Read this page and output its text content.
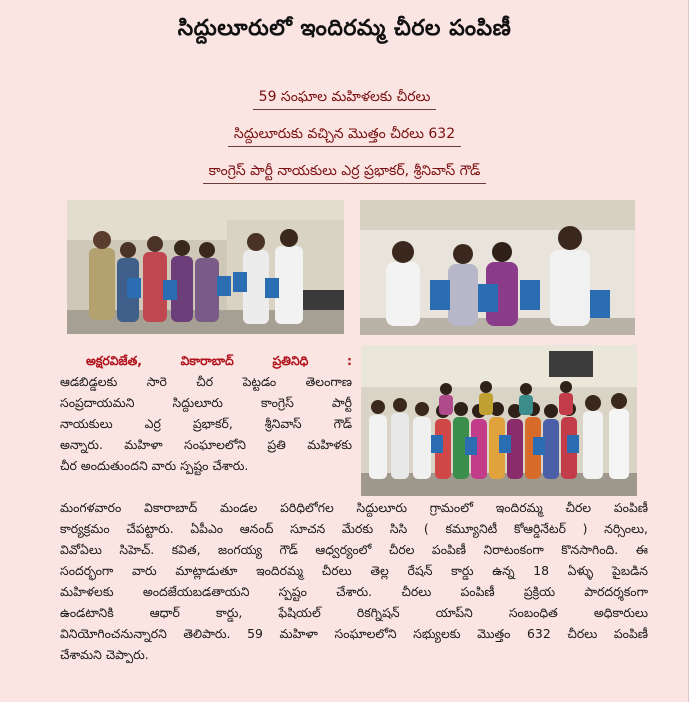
సిద్దులూరులో ఇందిరమ్మ చీరల పంపిణీ
59 సంఘాల మహిళలకు చీరలు
సిద్దులూరుకు వచ్చిన మొత్తం చీరలు 632
కాంగ్రెస్ పార్టీ నాయకులు ఎర్ర ప్రభాకర్, శ్రీనివాస్ గౌడ్
అక్షరవిజేత, వికారాబాద్ ప్రతినిధి :
ఆడబిడ్డలకు సారె చీర పెట్టడం తెలంగాణ
సంప్రదాయమని సిద్దులూరు కాంగ్రెస్ పార్టీ
నాయకులు ఎర్ర ప్రభాకర్, శ్రీనివాస్ గౌడ్
అన్నారు. మహిళా సంఘాలలోని ప్రతి మహిళకు
చీర అందుతుందని వారు స్పష్టం చేశారు.
మంగళవారం వికారాబాద్ మండల పరిధిలోగల సిద్దులూరు గ్రామంలో ఇందిరమ్మ చీరల పంపిణీ
కార్యక్రమం చేపట్టారు. ఏపీఎం ఆనంద్ సూచన మేరకు సిసి ( కమ్యూనిటీ కోఆర్డినేటర్ ) నర్సింలు,
వివోఏలు సిహెచ్. కవిత, జంగయ్య గౌడ్ ఆధ్వర్యంలో చీరల పంపిణీ నిరాటంకంగా కొనసాగింది. ఈ
సందర్భంగా వారు మాట్లాడుతూ ఇందిరమ్మ చీరలు తెల్ల రేషన్ కార్డు ఉన్న 18 ఏళ్ళు పైబడిన
మహిళలకు అందజేయబడతాయని స్పష్టం చేశారు. చీరలు పంపిణీ ప్రక్రియ పారదర్శకంగా
ఉండటానికి ఆధార్ కార్డు, ఫేషియల్ రికగ్నిషన్ యాప్‌ని సంబంధిత అధికారులు
వినియోగించనున్నారని తెలిపారు. 59 మహిళా సంఘాలలోని సభ్యులకు మొత్తం 632 చీరలు పంపిణీ
చేశామని చెప్పారు.
